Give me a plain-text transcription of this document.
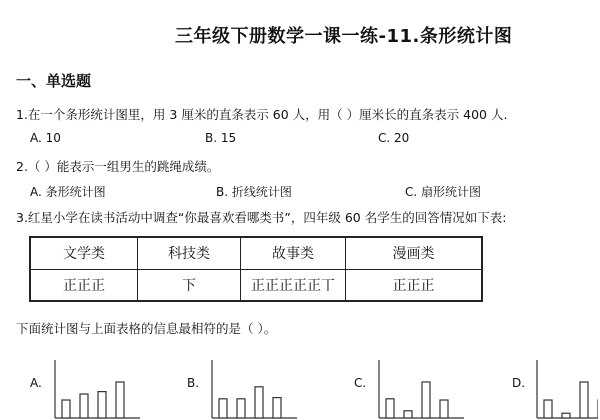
三年级下册数学一课一练-11.条形统计图
一、单选题
1.在一个条形统计图里，用 3 厘米的直条表示 60 人，用（ ）厘米长的直条表示 400 人.
A. 10	B. 15	C. 20
2.（ ）能表示一组男生的跳绳成绩。
A. 条形统计图	B. 折线统计图	C. 扇形统计图
3.红星小学在读书活动中调查“你最喜欢看哪类书”，四年级 60 名学生的回答情况如下表:
文学类	科技类	故事类	漫画类
正正正	下	正正正正正丅	正正正
下面统计图与上面表格的信息最相符的是（ ）。
A.	B.	C.	D.
